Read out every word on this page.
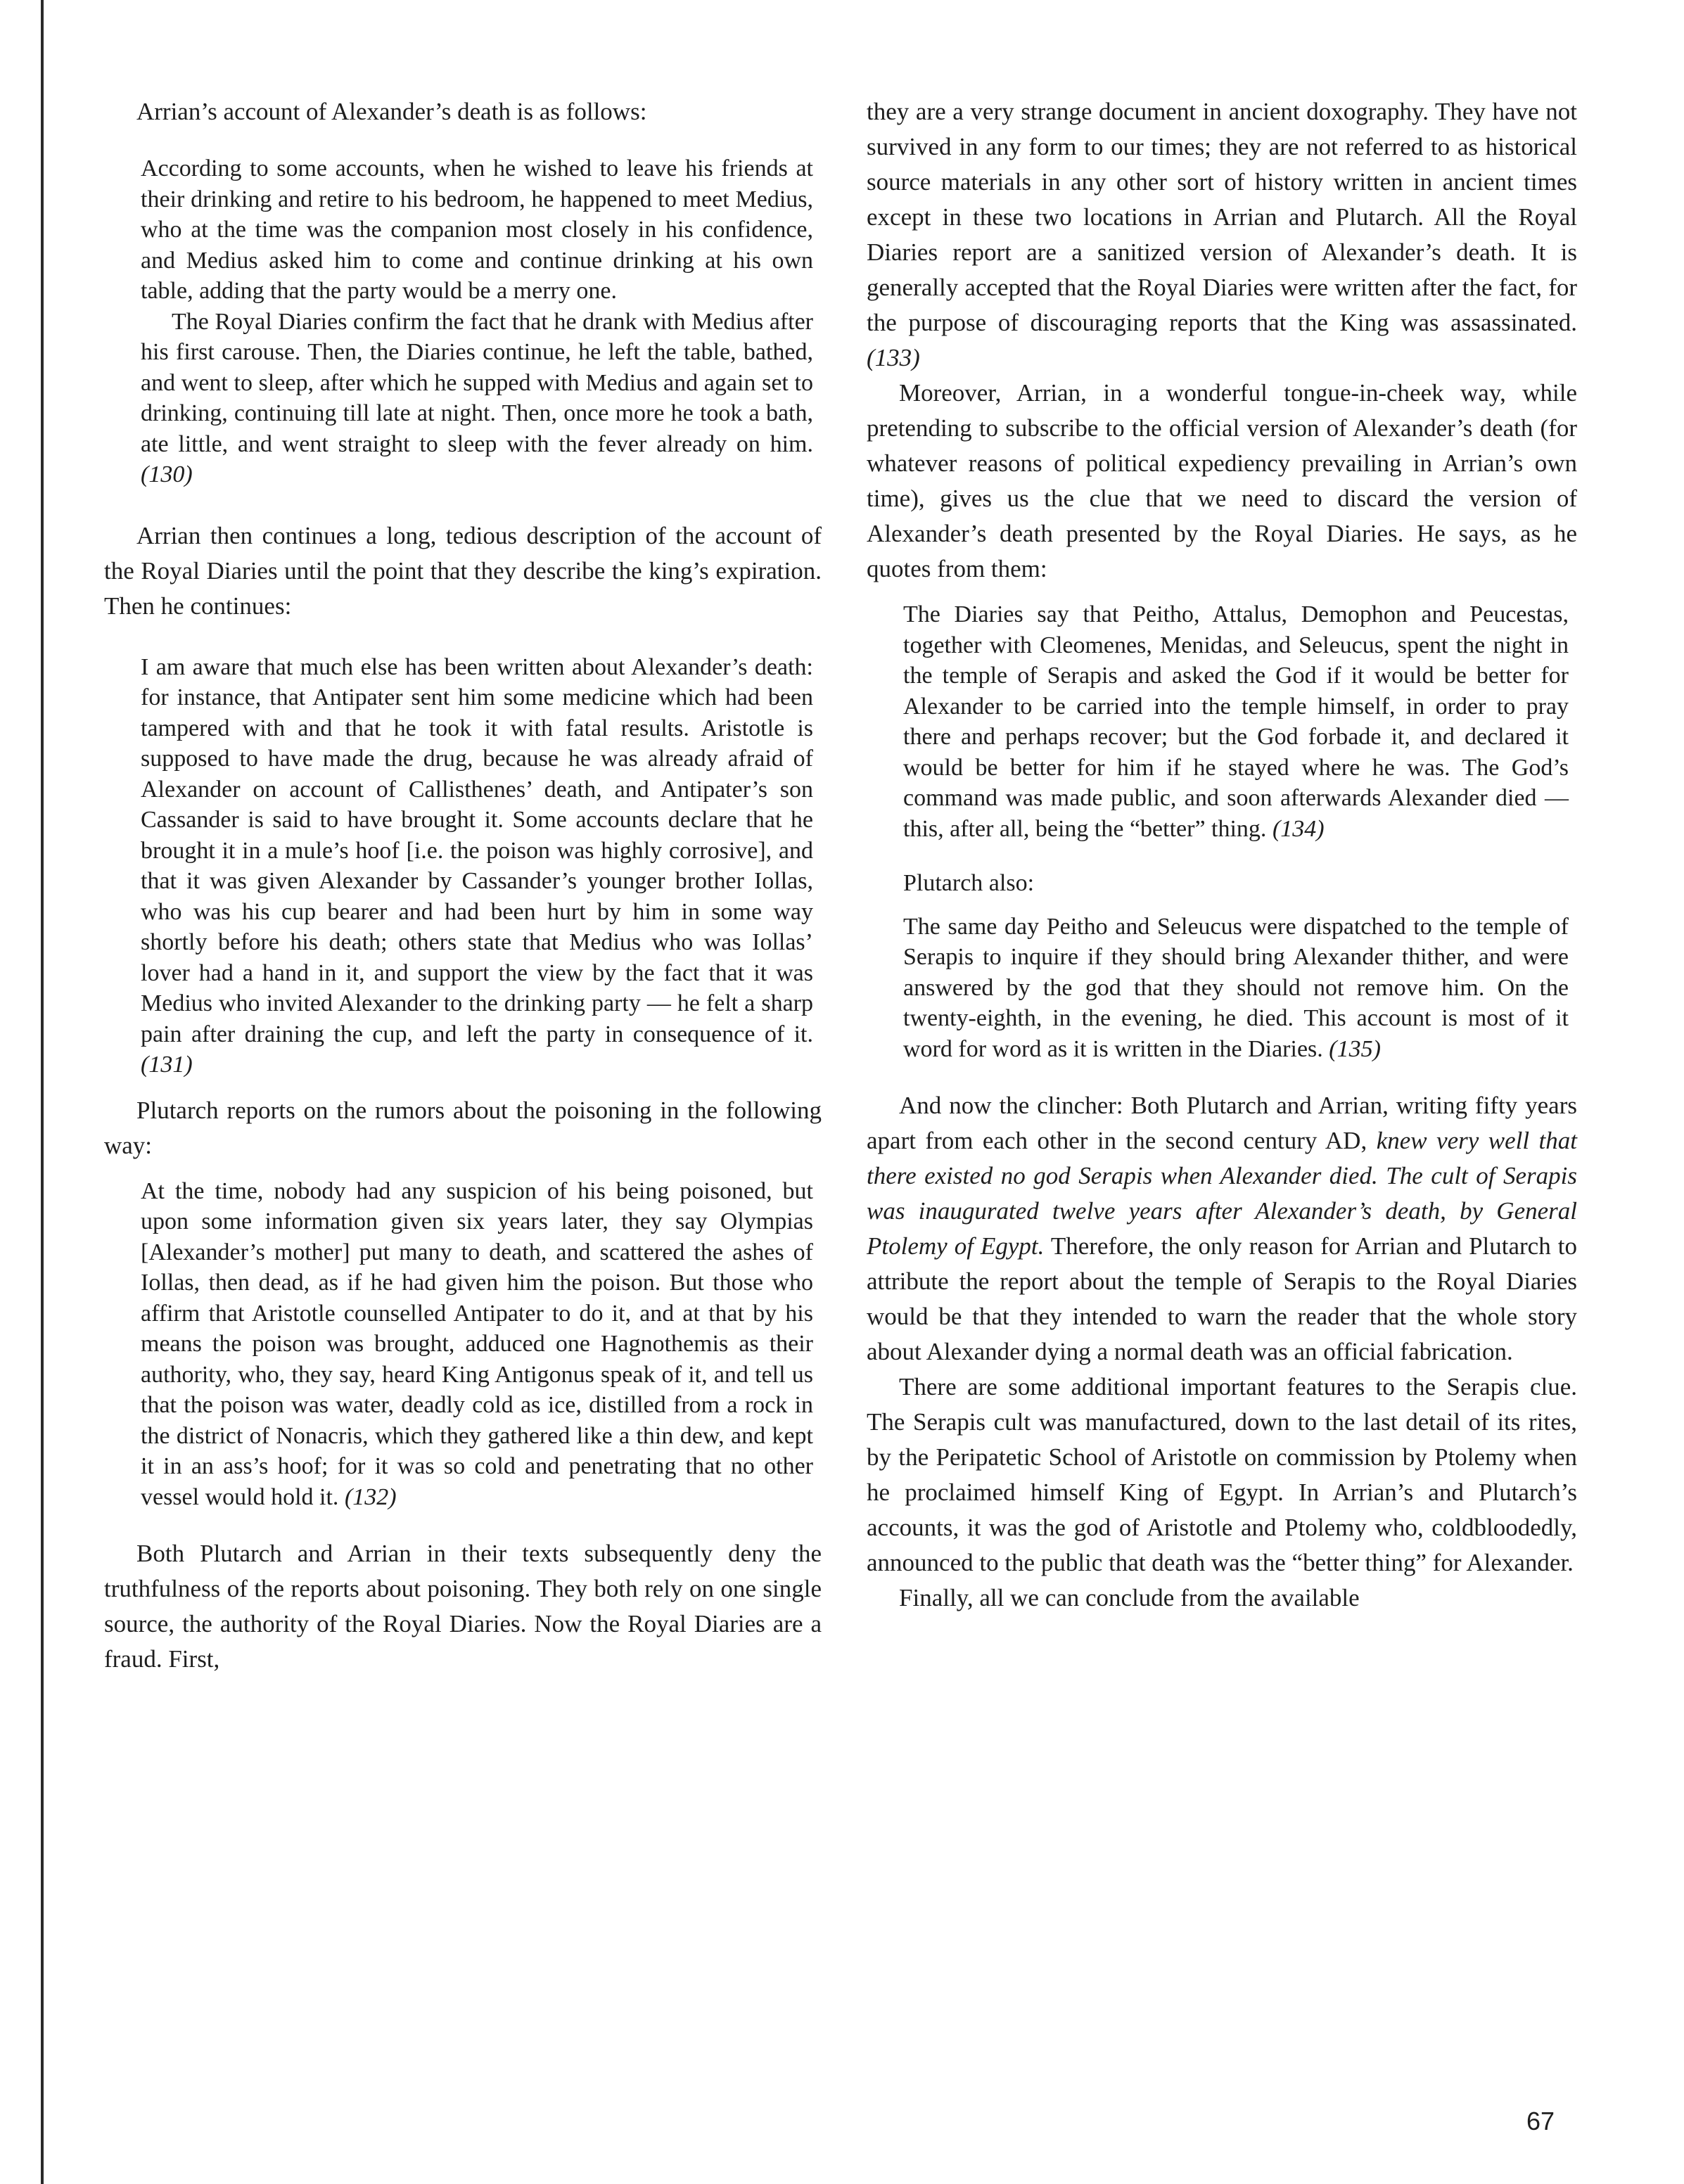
Arrian’s account of Alexander’s death is as follows:

According to some accounts, when he wished to leave his friends at their drinking and retire to his bedroom, he happened to meet Medius, who at the time was the companion most closely in his confidence, and Medius asked him to come and continue drinking at his own table, adding that the party would be a merry one.

The Royal Diaries confirm the fact that he drank with Medius after his first carouse. Then, the Diaries continue, he left the table, bathed, and went to sleep, after which he supped with Medius and again set to drinking, continuing till late at night. Then, once more he took a bath, ate little, and went straight to sleep with the fever already on him. (130)

Arrian then continues a long, tedious description of the account of the Royal Diaries until the point that they describe the king’s expiration. Then he continues:

I am aware that much else has been written about Alexander’s death: for instance, that Antipater sent him some medicine which had been tampered with and that he took it with fatal results. Aristotle is supposed to have made the drug, because he was already afraid of Alexander on account of Callisthenes’ death, and Antipater’s son Cassander is said to have brought it. Some accounts declare that he brought it in a mule’s hoof [i.e. the poison was highly corrosive], and that it was given Alexander by Cassander’s younger brother Iollas, who was his cup bearer and had been hurt by him in some way shortly before his death; others state that Medius who was Iollas’ lover had a hand in it, and support the view by the fact that it was Medius who invited Alexander to the drinking party — he felt a sharp pain after draining the cup, and left the party in consequence of it. (131)

Plutarch reports on the rumors about the poisoning in the following way:

At the time, nobody had any suspicion of his being poisoned, but upon some information given six years later, they say Olympias [Alexander’s mother] put many to death, and scattered the ashes of Iollas, then dead, as if he had given him the poison. But those who affirm that Aristotle counselled Antipater to do it, and at that by his means the poison was brought, adduced one Hagnothemis as their authority, who, they say, heard King Antigonus speak of it, and tell us that the poison was water, deadly cold as ice, distilled from a rock in the district of Nonacris, which they gathered like a thin dew, and kept it in an ass’s hoof; for it was so cold and penetrating that no other vessel would hold it. (132)

Both Plutarch and Arrian in their texts subsequently deny the truthfulness of the reports about poisoning. They both rely on one single source, the authority of the Royal Diaries. Now the Royal Diaries are a fraud. First,

they are a very strange document in ancient doxography. They have not survived in any form to our times; they are not referred to as historical source materials in any other sort of history written in ancient times except in these two locations in Arrian and Plutarch. All the Royal Diaries report are a sanitized version of Alexander’s death. It is generally accepted that the Royal Diaries were written after the fact, for the purpose of discouraging reports that the King was assassinated. (133)

Moreover, Arrian, in a wonderful tongue-in-cheek way, while pretending to subscribe to the official version of Alexander’s death (for whatever reasons of political expediency prevailing in Arrian’s own time), gives us the clue that we need to discard the version of Alexander’s death presented by the Royal Diaries. He says, as he quotes from them:

The Diaries say that Peitho, Attalus, Demophon and Peucestas, together with Cleomenes, Menidas, and Seleucus, spent the night in the temple of Serapis and asked the God if it would be better for Alexander to be carried into the temple himself, in order to pray there and perhaps recover; but the God forbade it, and declared it would be better for him if he stayed where he was. The God’s command was made public, and soon afterwards Alexander died — this, after all, being the “better” thing. (134)

Plutarch also:

The same day Peitho and Seleucus were dispatched to the temple of Serapis to inquire if they should bring Alexander thither, and were answered by the god that they should not remove him. On the twenty-eighth, in the evening, he died. This account is most of it word for word as it is written in the Diaries. (135)

And now the clincher: Both Plutarch and Arrian, writing fifty years apart from each other in the second century AD, knew very well that there existed no god Serapis when Alexander died. The cult of Serapis was inaugurated twelve years after Alexander’s death, by General Ptolemy of Egypt. Therefore, the only reason for Arrian and Plutarch to attribute the report about the temple of Serapis to the Royal Diaries would be that they intended to warn the reader that the whole story about Alexander dying a normal death was an official fabrication.

There are some additional important features to the Serapis clue. The Serapis cult was manufactured, down to the last detail of its rites, by the Peripatetic School of Aristotle on commission by Ptolemy when he proclaimed himself King of Egypt. In Arrian’s and Plutarch’s accounts, it was the god of Aristotle and Ptolemy who, coldbloodedly, announced to the public that death was the “better thing” for Alexander.

Finally, all we can conclude from the available

67
